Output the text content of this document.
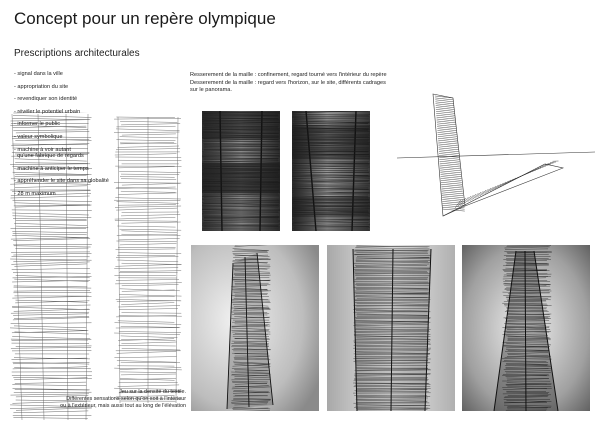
Concept pour un repère olympique
Prescriptions architecturales
- signal dans la ville
- appropriation du site
- revendiquer son identité
- révéler le potentiel urbain
- informer le public
- valeur symbolique
- machine à voir autant
qu'une fabrique de regards
- machine à anticiper le temps
- appréhender le site dans sa globalité
- 28 m maximum
Resserement de la maille : confinement, regard tourné vers l'intérieur du repère
Desserement de la maille : regard vers l'horizon, sur le site, différents cadrages
sur le panorama.
Jeu sur la densité du textile.
Différentes sensations selon qu'on soit à l'intérieur
ou à l'extérieur, mais aussi tout au long de l'élévation
